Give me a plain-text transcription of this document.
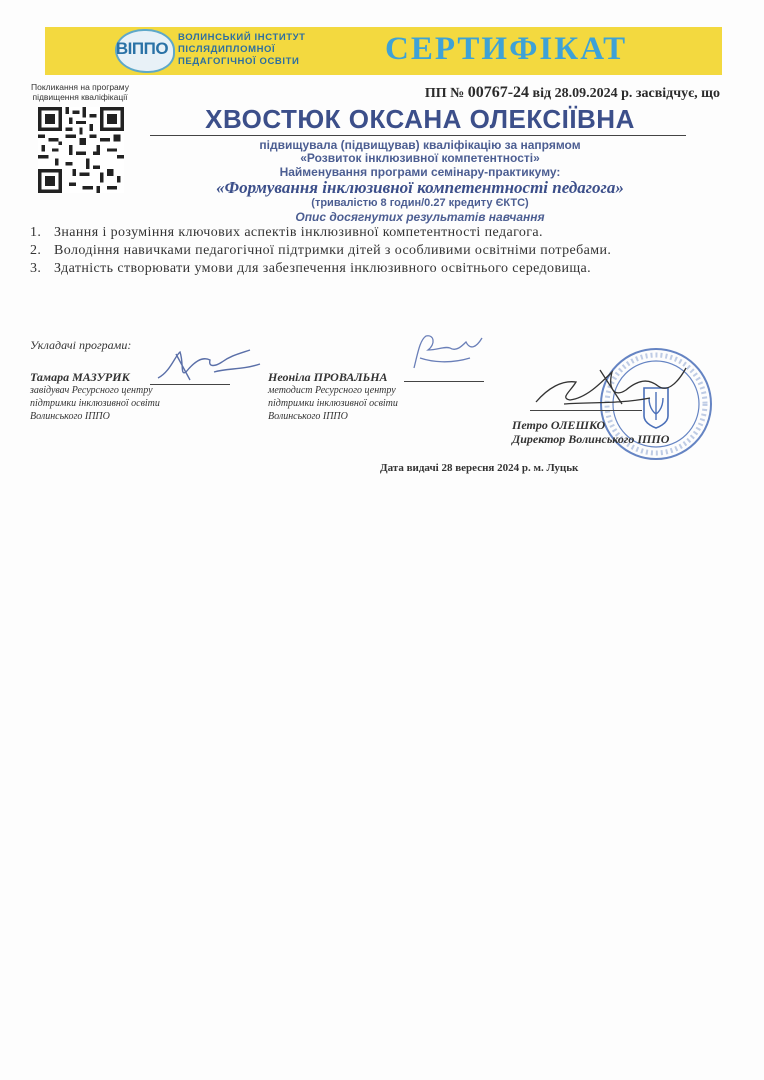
ВІППО
ВОЛИНСЬКИЙ ІНСТИТУТ
ПІСЛЯДИПЛОМНОЇ
ПЕДАГОГІЧНОЇ ОСВІТИ	СЕРТИФІКАТ
Покликання на програму
підвищення кваліфікації	ПП № 00767-24 від 28.09.2024 р. засвідчує, що
ХВОСТЮК ОКСАНА ОЛЕКСІЇВНА
підвищувала (підвищував) кваліфікацію за напрямом
«Розвиток інклюзивної компетентності»
Найменування програми семінару-практикуму:
«Формування інклюзивної компетентності педагога»
(тривалістю 8 годин/0.27 кредиту ЄКТС)
Опис досягнутих результатів навчання
1. Знання і розуміння ключових аспектів інклюзивної компетентності педагога.
2. Володіння навичками педагогічної підтримки дітей з особливими освітніми потребами.
3. Здатність створювати умови для забезпечення інклюзивного освітнього середовища.
Укладачі програми:
Тамара МАЗУРИК
завідувач Ресурсного центру
підтримки інклюзивної освіти
Волинського ІППО
Неоніла ПРОВАЛЬНА
методист Ресурсного центру
підтримки інклюзивної освіти
Волинського ІППО
Петро ОЛЕШКО
Директор Волинського ІППО
Дата видачі 28 вересня 2024 р. м. Луцьк
